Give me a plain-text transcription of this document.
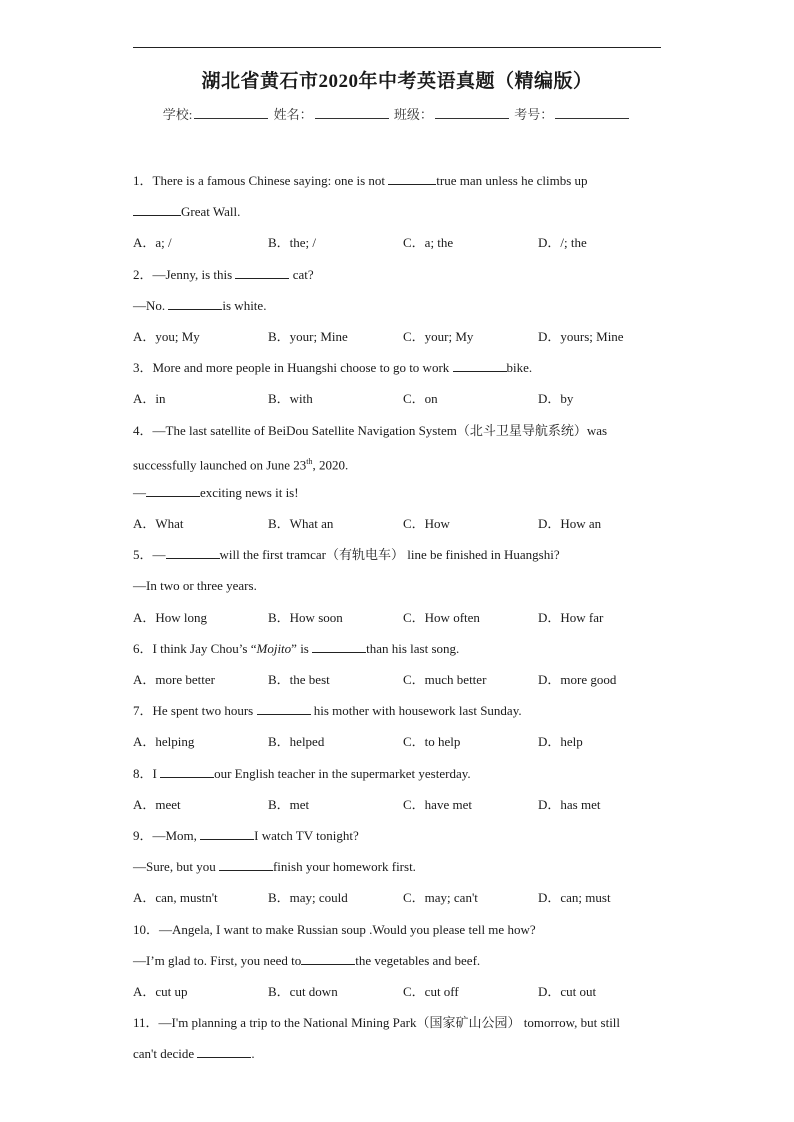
湖北省黄石市2020年中考英语真题（精编版）
学校:	姓名：	班级：	考号：
1．There is a famous Chinese saying: one is not	true man unless he climbs up
Great Wall.
A．a; /	B．the; /	C．a; the	D．/; the
2．—Jenny, is this	cat?
—No.	is white.
A．you; My	B．your; Mine	C．your; My	D．yours; Mine
3．More and more people in Huangshi choose to go to work	bike.
A．in	B．with	C．on	D．by
4．—The last satellite of BeiDou Satellite Navigation System（北斗卫星导航系统）was
successfully launched on June 23th, 2020.
—	exciting news it is!
A．What	B．What an	C．How	D．How an
5．—	will the first tramcar（有轨电车） line be finished in Huangshi?
—In two or three years.
A．How long	B．How soon	C．How often	D．How far
6．I think Jay Chou’s “Mojito” is	than his last song.
A．more better	B．the best	C．much better	D．more good
7．He spent two hours	his mother with housework last Sunday.
A．helping	B．helped	C．to help	D．help
8．I	our English teacher in the supermarket yesterday.
A．meet	B．met	C．have met	D．has met
9．—Mom,	I watch TV tonight?
—Sure, but you	finish your homework first.
A．can, mustn't	B．may; could	C．may; can't	D．can; must
10．—Angela, I want to make Russian soup .Would you please tell me how?
—I’m glad to. First, you need to	the vegetables and beef.
A．cut up	B．cut down	C．cut off	D．cut out
11．—I'm planning a trip to the National Mining Park（国家矿山公园） tomorrow, but still
can't decide	.
